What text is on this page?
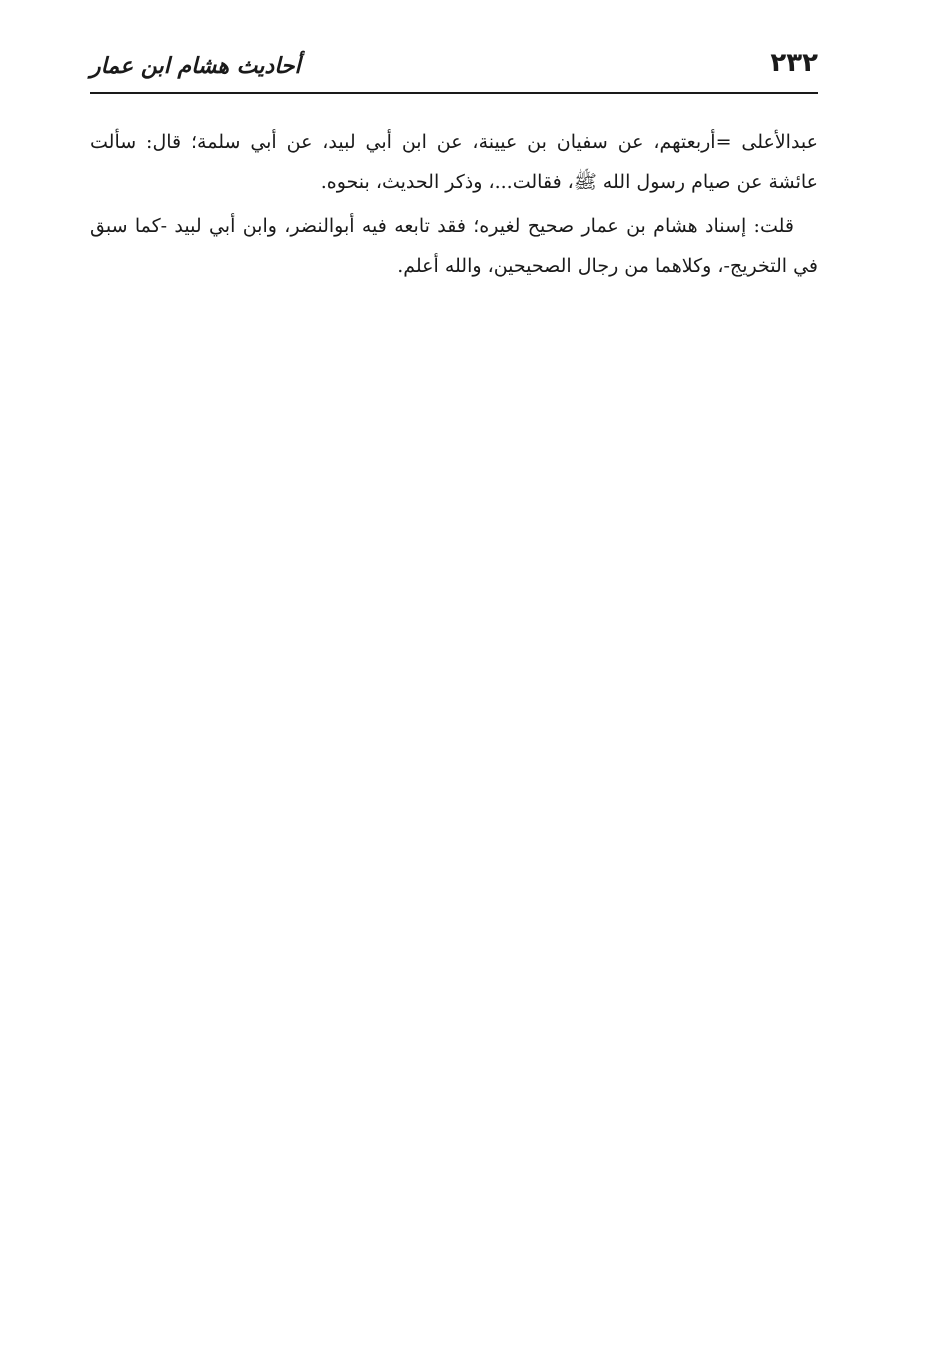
٢٣٢
أحاديث هشام ابن عمار

عبدالأعلى =أربعتهم، عن سفيان بن عيينة، عن ابن أبي لبيد، عن أبي سلمة؛ قال: سألت عائشة عن صيام رسول الله ﷺ، فقالت...، وذكر الحديث، بنحوه.

قلت: إسناد هشام بن عمار صحيح لغيره؛ فقد تابعه فيه أبوالنضر، وابن أبي لبيد -كما سبق في التخريج-، وكلاهما من رجال الصحيحين، والله أعلم.
